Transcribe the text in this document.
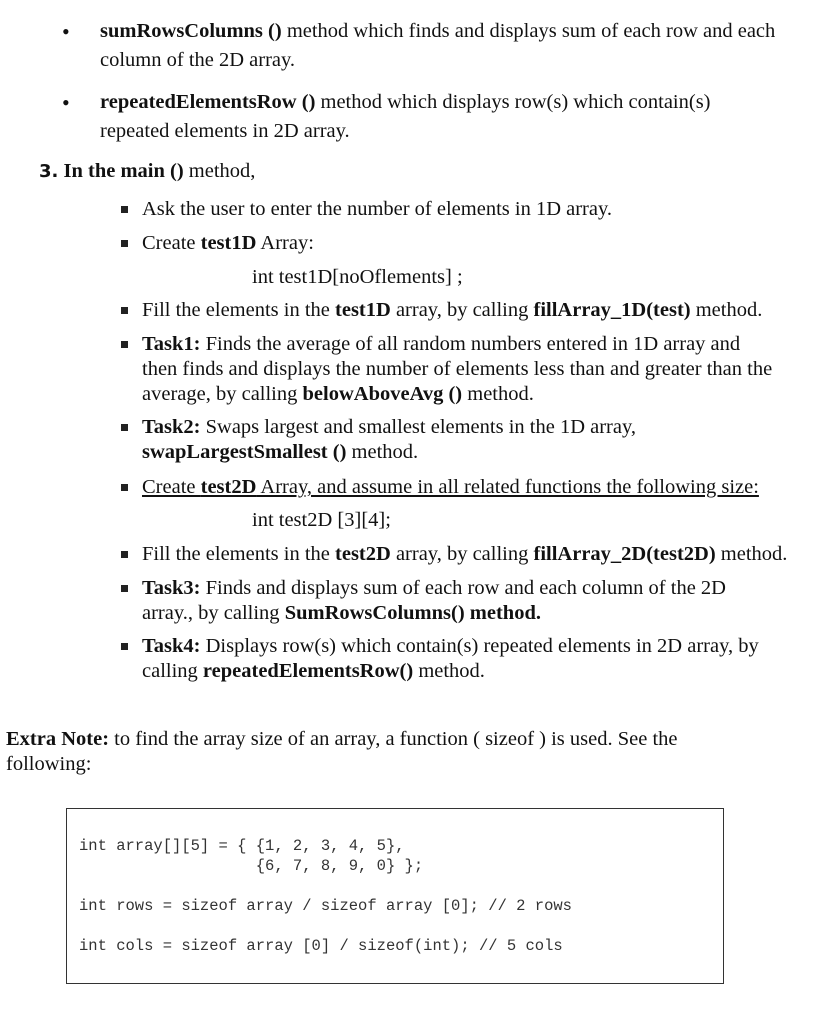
• sumRowsColumns () method which finds and displays sum of each row and each
column of the 2D array.
• repeatedElementsRow () method which displays row(s) which contain(s)
repeated elements in 2D array.
3. In the main () method,
Ask the user to enter the number of elements in 1D array.
Create test1D Array:
int test1D[noOflements] ;
Fill the elements in the test1D array, by calling fillArray_1D(test) method.
Task1: Finds the average of all random numbers entered in 1D array and
then finds and displays the number of elements less than and greater than the
average, by calling belowAboveAvg () method.
Task2: Swaps largest and smallest elements in the 1D array,
swapLargestSmallest () method.
Create test2D Array, and assume in all related functions the following size:
int test2D [3][4];
Fill the elements in the test2D array, by calling fillArray_2D(test2D) method.
Task3: Finds and displays sum of each row and each column of the 2D
array., by calling SumRowsColumns() method.
Task4: Displays row(s) which contain(s) repeated elements in 2D array, by
calling repeatedElementsRow() method.
Extra Note: to find the array size of an array, a function ( sizeof ) is used. See the
following:
int array[][5] = { {1, 2, 3, 4, 5},
{6, 7, 8, 9, 0} };
int rows = sizeof array / sizeof array [0]; // 2 rows
int cols = sizeof array [0] / sizeof(int); // 5 cols
